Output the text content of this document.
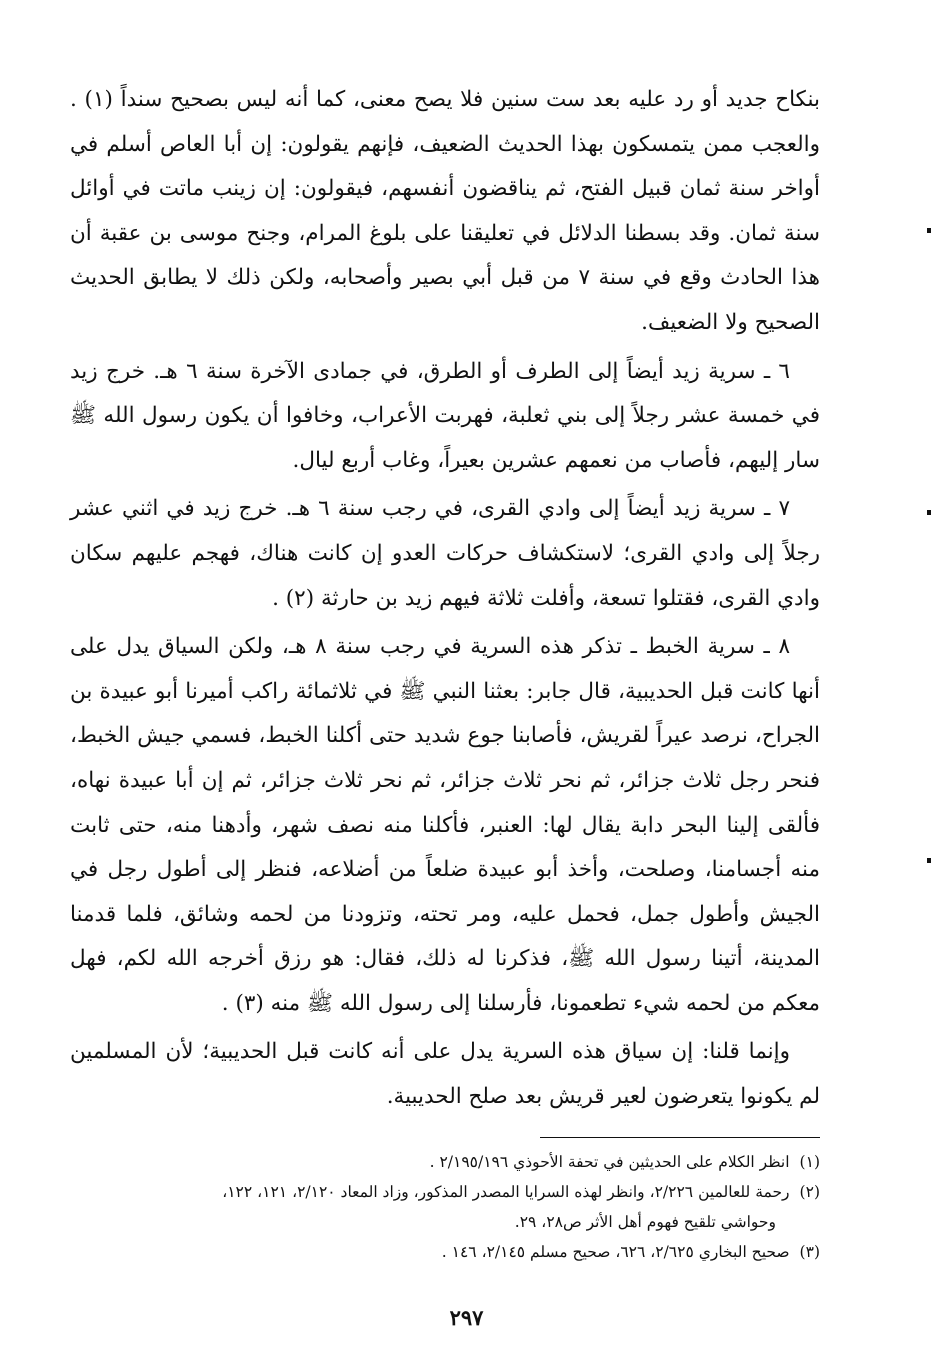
بنكاح جديد أو رد عليه بعد ست سنين فلا يصح معنى، كما أنه ليس بصحيح سنداً (١) . والعجب ممن يتمسكون بهذا الحديث الضعيف، فإنهم يقولون: إن أبا العاص أسلم في أواخر سنة ثمان قبيل الفتح، ثم يناقضون أنفسهم، فيقولون: إن زينب ماتت في أوائل سنة ثمان. وقد بسطنا الدلائل في تعليقنا على بلوغ المرام، وجنح موسى بن عقبة أن هذا الحادث وقع في سنة ٧ من قبل أبي بصير وأصحابه، ولكن ذلك لا يطابق الحديث الصحيح ولا الضعيف.

٦ ـ سرية زيد أيضاً إلى الطرف أو الطرق، في جمادى الآخرة سنة ٦ هـ. خرج زيد في خمسة عشر رجلاً إلى بني ثعلبة، فهربت الأعراب، وخافوا أن يكون رسول الله ﷺ سار إليهم، فأصاب من نعمهم عشرين بعيراً، وغاب أربع ليال.

٧ ـ سرية زيد أيضاً إلى وادي القرى، في رجب سنة ٦ هـ. خرج زيد في اثني عشر رجلاً إلى وادي القرى؛ لاستكشاف حركات العدو إن كانت هناك، فهجم عليهم سكان وادي القرى، فقتلوا تسعة، وأفلت ثلاثة فيهم زيد بن حارثة (٢) .

٨ ـ سرية الخبط ـ تذكر هذه السرية في رجب سنة ٨ هـ، ولكن السياق يدل على أنها كانت قبل الحديبية، قال جابر: بعثنا النبي ﷺ في ثلاثمائة راكب أميرنا أبو عبيدة بن الجراح، نرصد عيراً لقريش، فأصابنا جوع شديد حتى أكلنا الخبط، فسمي جيش الخبط، فنحر رجل ثلاث جزائر، ثم نحر ثلاث جزائر، ثم نحر ثلاث جزائر، ثم إن أبا عبيدة نهاه، فألقى إلينا البحر دابة يقال لها: العنبر، فأكلنا منه نصف شهر، وأدهنا منه، حتى ثابت منه أجسامنا، وصلحت، وأخذ أبو عبيدة ضلعاً من أضلاعه، فنظر إلى أطول رجل في الجيش وأطول جمل، فحمل عليه، ومر تحته، وتزودنا من لحمه وشائق، فلما قدمنا المدينة، أتينا رسول الله ﷺ، فذكرنا له ذلك، فقال: هو رزق أخرجه الله لكم، فهل معكم من لحمه شيء تطعمونا، فأرسلنا إلى رسول الله ﷺ منه (٣) .

وإنما قلنا: إن سياق هذه السرية يدل على أنه كانت قبل الحديبية؛ لأن المسلمين لم يكونوا يتعرضون لعير قريش بعد صلح الحديبية.

(١)انظر الكلام على الحديثين في تحفة الأحوذي ٢/١٩٥/١٩٦ .

(٢)رحمة للعالمين ٢/٢٢٦، وانظر لهذه السرايا المصدر المذكور، وزاد المعاد ٢/١٢٠، ١٢١، ١٢٢،

وحواشي تلقيح فهوم أهل الأثر ص٢٨، ٢٩.

(٣)صحيح البخاري ٢/٦٢٥، ٦٢٦، صحيح مسلم ٢/١٤٥، ١٤٦ .

٢٩٧
